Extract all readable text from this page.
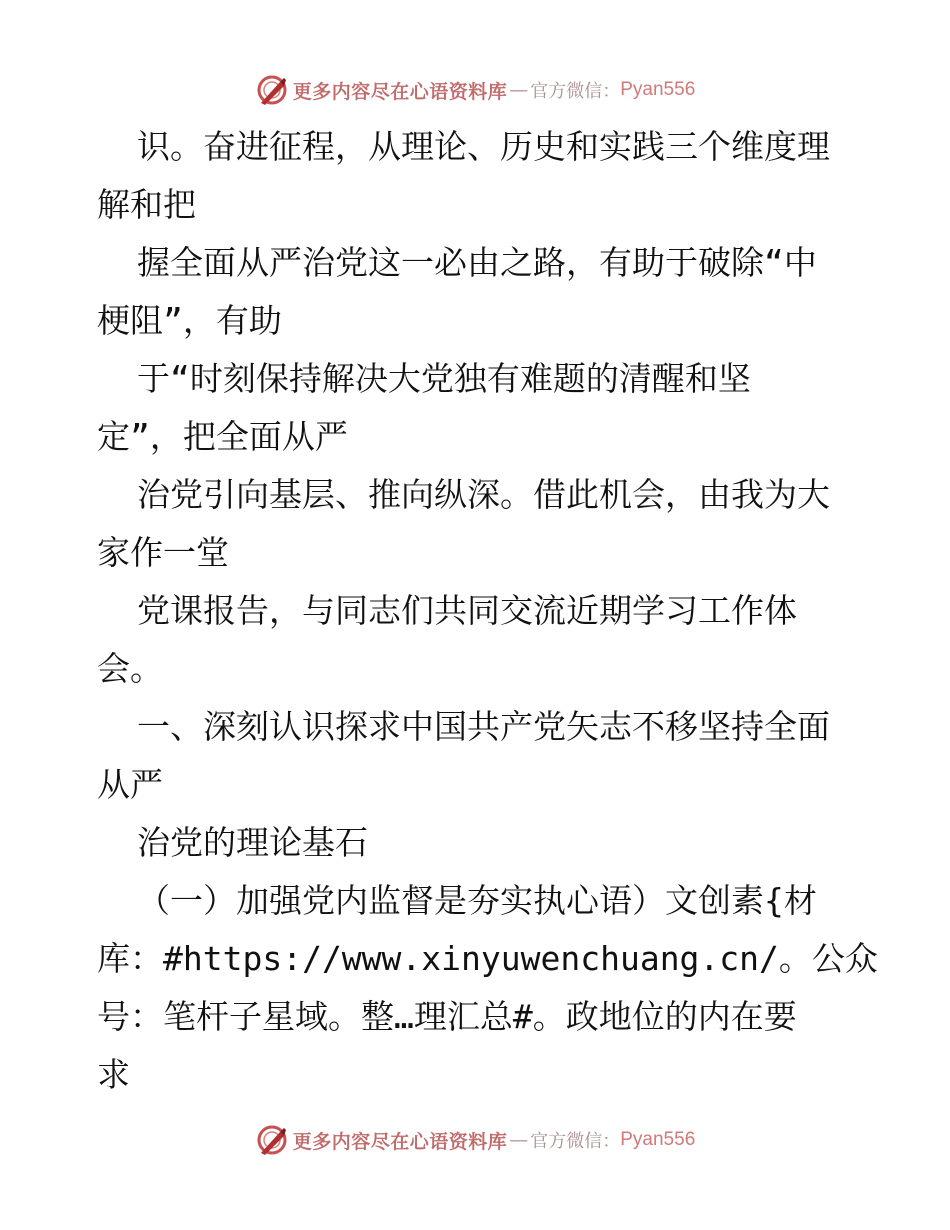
更多内容尽在心语资料库 — 官方微信： Pyan556
识。奋进征程，从理论、历史和实践三个维度理
解和把
握全面从严治党这一必由之路，有助于破除“中
梗阻”，有助
于“时刻保持解决大党独有难题的清醒和坚
定”，把全面从严
治党引向基层、推向纵深。借此机会，由我为大
家作一堂
党课报告，与同志们共同交流近期学习工作体
会。
一、深刻认识探求中国共产党矢志不移坚持全面
从严
治党的理论基石
（一）加强党内监督是夯实执心语）文创素{材
库：#https://www.xinyuwenchuang.cn/。公众
号：笔杆子星域。整…理汇总#。政地位的内在要
求
更多内容尽在心语资料库 — 官方微信： Pyan556
